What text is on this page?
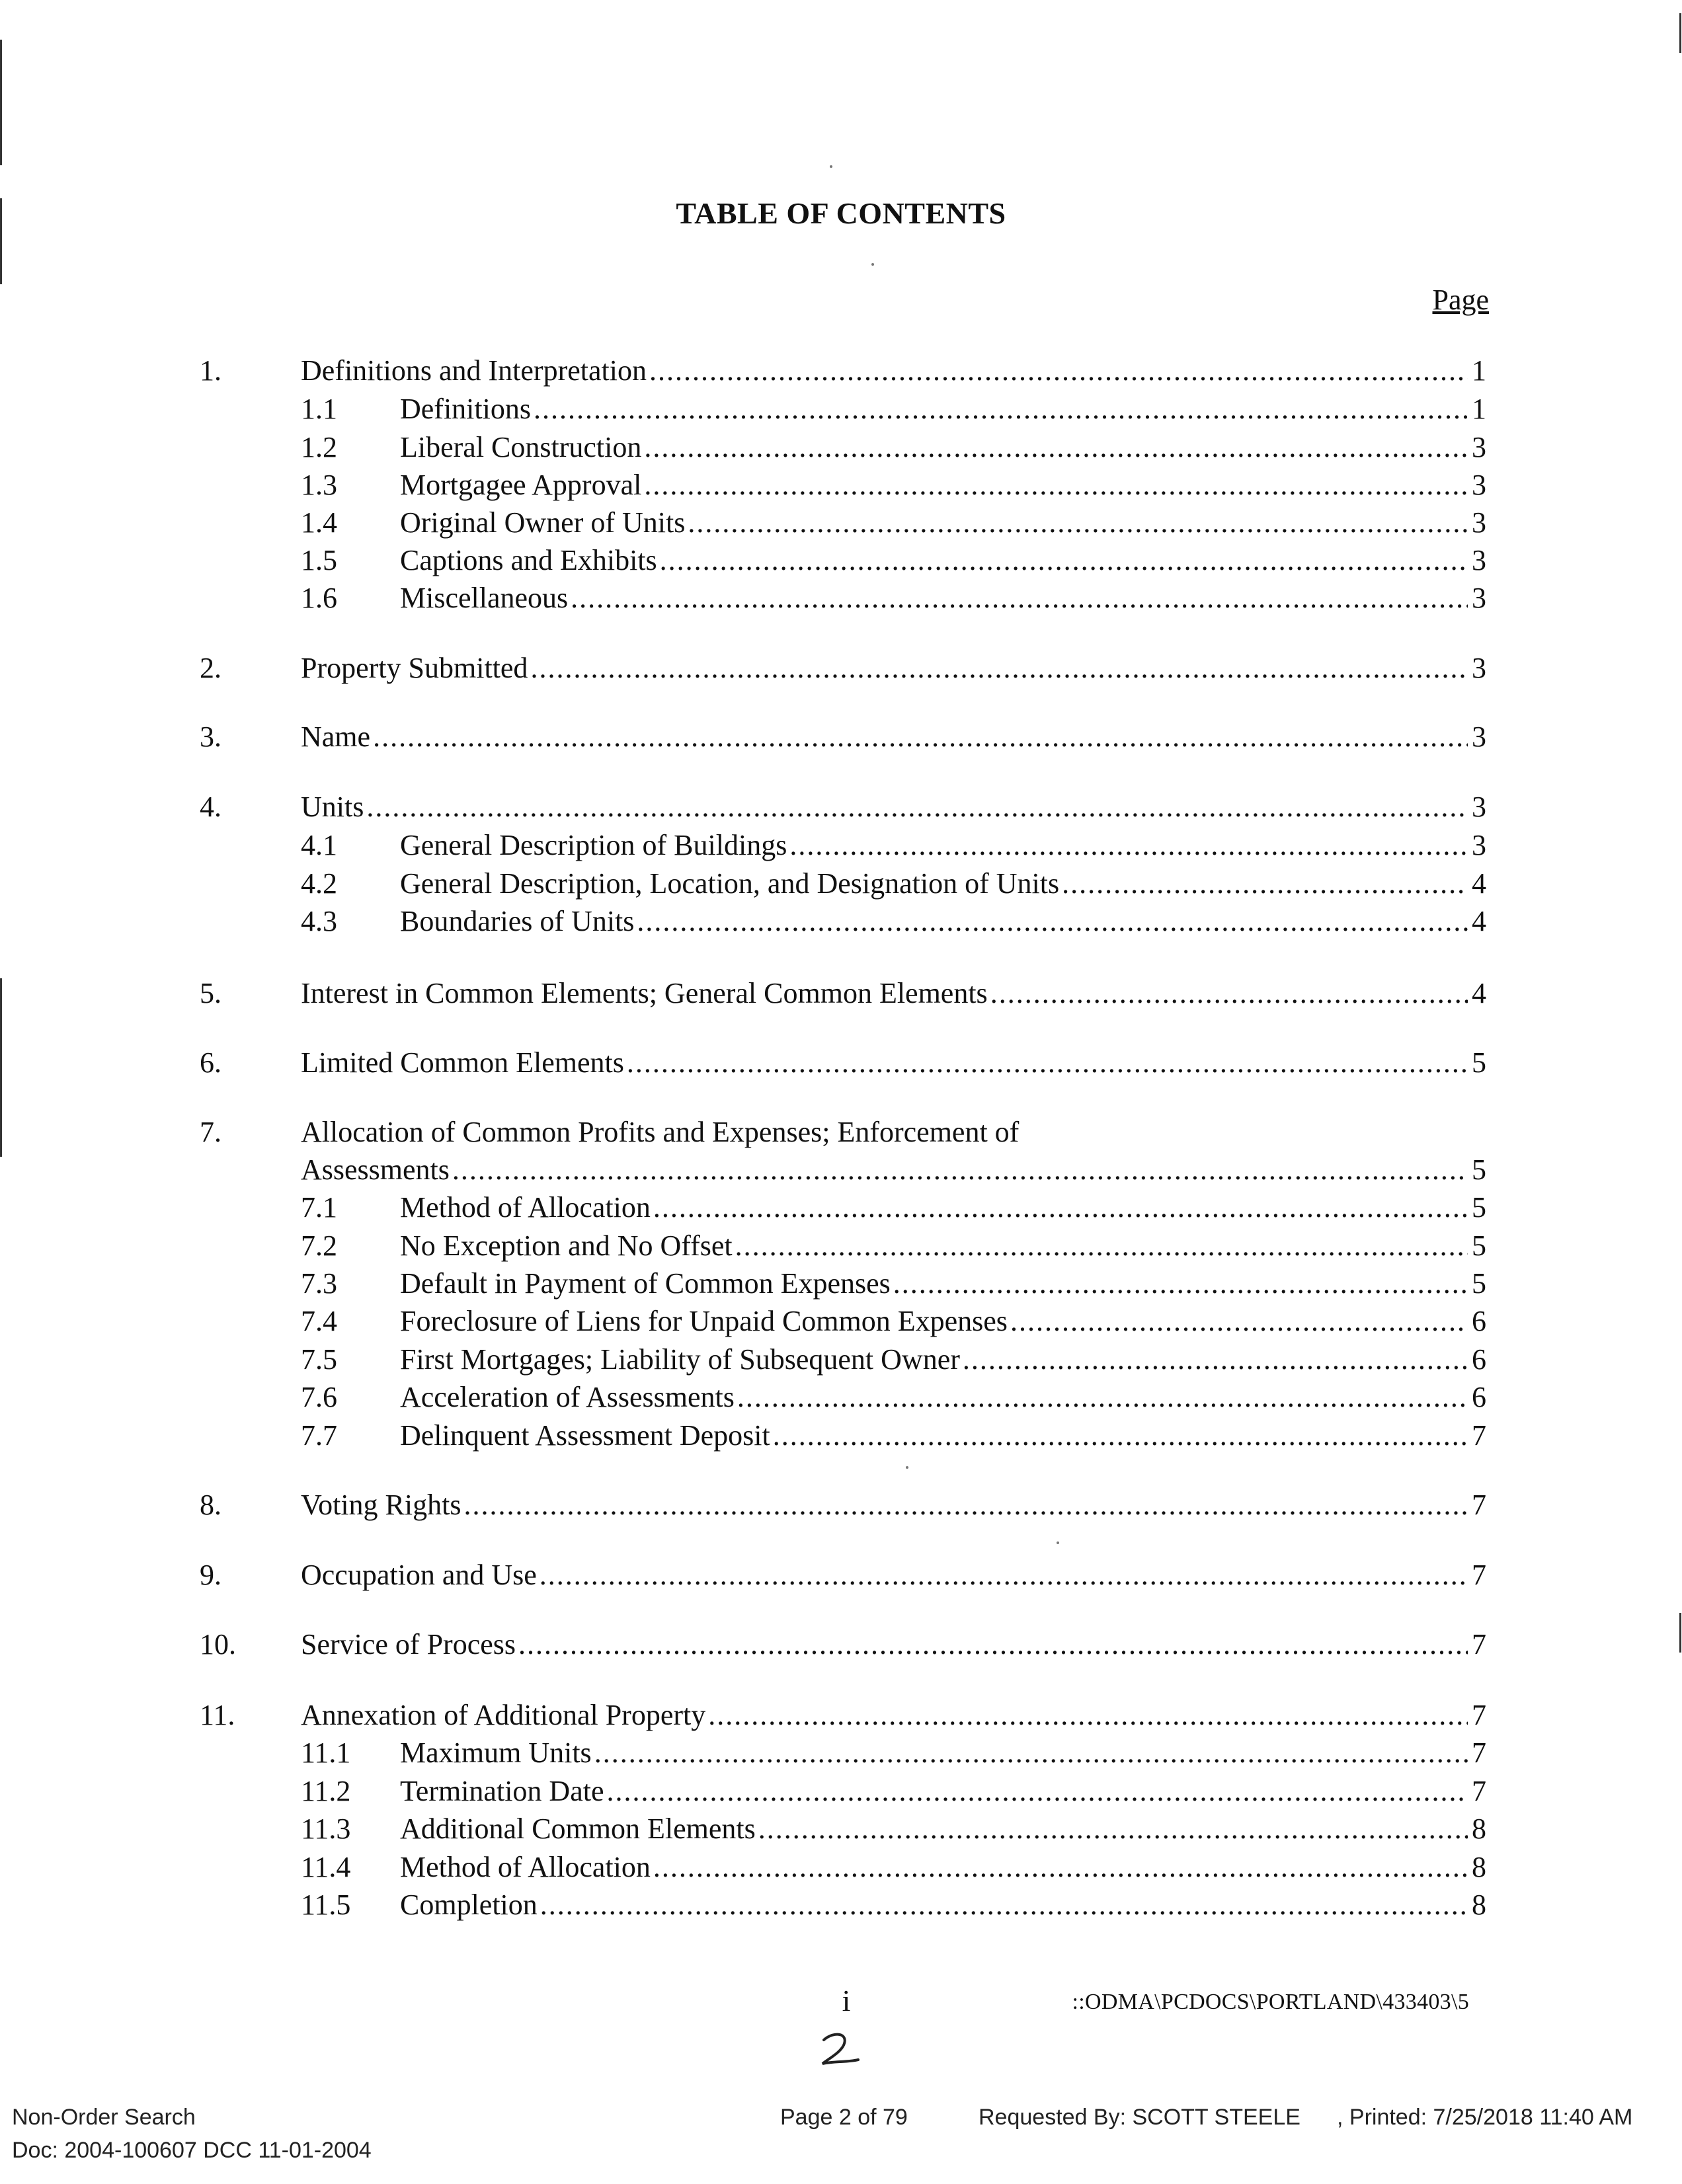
TABLE OF CONTENTS
Page
1.	Definitions and Interpretation .....	1
1.1 Definitions .....	1
1.2 Liberal Construction .....	3
1.3 Mortgagee Approval .....	3
1.4 Original Owner of Units .....	3
1.5 Captions and Exhibits .....	3
1.6 Miscellaneous .....	3
2.	Property Submitted .....	3
3.	Name .....	3
4.	Units .....	3
4.1 General Description of Buildings .....	3
4.2 General Description, Location, and Designation of Units .....	4
4.3 Boundaries of Units .....	4
5.	Interest in Common Elements; General Common Elements .....	4
6.	Limited Common Elements .....	5
7.	Allocation of Common Profits and Expenses; Enforcement of
Assessments .....	5
7.1 Method of Allocation .....	5
7.2 No Exception and No Offset .....	5
7.3 Default in Payment of Common Expenses .....	5
7.4 Foreclosure of Liens for Unpaid Common Expenses .....	6
7.5 First Mortgages; Liability of Subsequent Owner .....	6
7.6 Acceleration of Assessments .....	6
7.7 Delinquent Assessment Deposit .....	7
8.	Voting Rights .....	7
9.	Occupation and Use .....	7
10. Service of Process .....	7
11. Annexation of Additional Property .....	7
11.1 Maximum Units .....	7
11.2 Termination Date .....	7
11.3 Additional Common Elements .....	8
11.4 Method of Allocation .....	8
11.5 Completion .....	8
i	::ODMA\PCDOCS\PORTLAND\433403\5
Non-Order Search
Doc: 2004-100607 DCC 11-01-2004
Page 2 of 79	Requested By: SCOTT STEELE , Printed: 7/25/2018 11:40 AM
